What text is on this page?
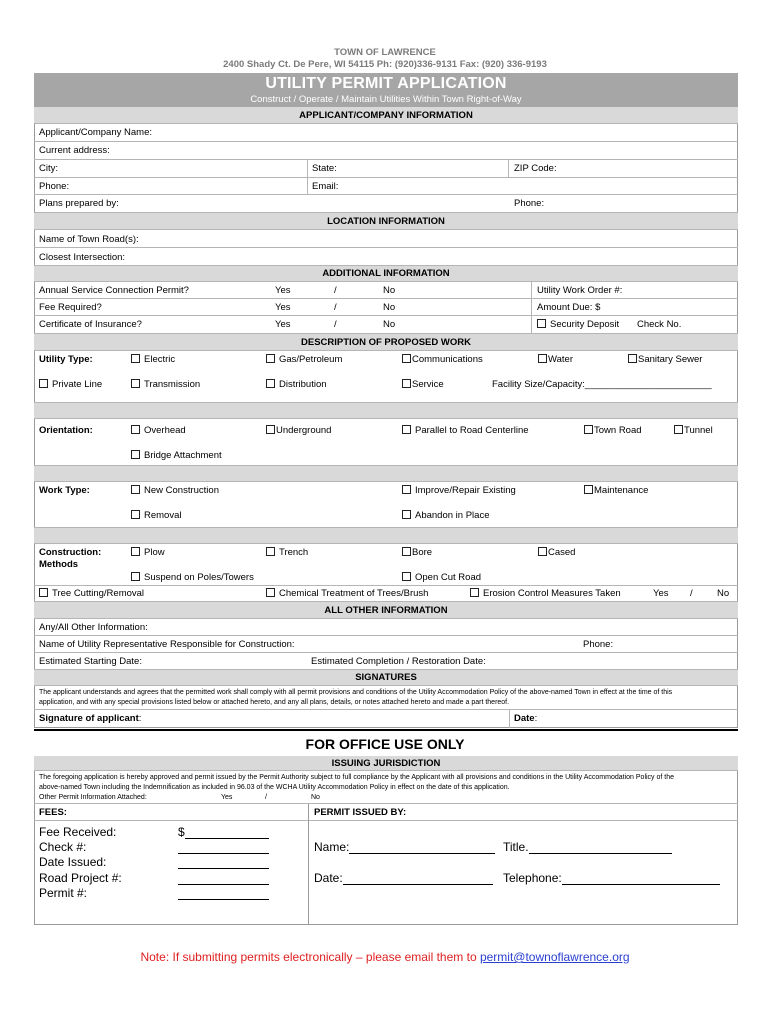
TOWN OF LAWRENCE
2400 Shady Ct. De Pere, WI 54115 Ph: (920)336-9131 Fax: (920) 336-9193
UTILITY PERMIT APPLICATION
Construct / Operate / Maintain Utilities Within Town Right-of-Way
APPLICANT/COMPANY INFORMATION
Applicant/Company Name:
Current address:
City:	State:	ZIP Code:
Phone:	Email:
Plans prepared by:	Phone:
LOCATION INFORMATION
Name of Town Road(s):
Closest Intersection:
ADDITIONAL INFORMATION
Annual Service Connection Permit?	Yes	/	No	Utility Work Order #:
Fee Required?	Yes	/	No	Amount Due: $
Certificate of Insurance?	Yes	/	No	Security Deposit Check No.
DESCRIPTION OF PROPOSED WORK
Utility Type:	Electric	Gas/Petroleum	Communications	Water	Sanitary Sewer
Private Line	Transmission	Distribution	Service	Facility Size/Capacity:________________________
Orientation:	Overhead	Underground	Parallel to Road Centerline	Town Road	Tunnel
Bridge Attachment
Work Type:	New Construction	Improve/Repair Existing	Maintenance
Removal	Abandon in Place
Construction:
Methods
Plow	Trench	Bore	Cased
Suspend on Poles/Towers	Open Cut Road
Tree Cutting/Removal	Chemical Treatment of Trees/Brush	Erosion Control Measures Taken	Yes /	No
ALL OTHER INFORMATION
Any/All Other Information:
Name of Utility Representative Responsible for Construction:	Phone:
Estimated Starting Date:	Estimated Completion / Restoration Date:
SIGNATURES
The applicant understands and agrees that the permitted work shall comply with all permit provisions and conditions of the Utility Accommodation Policy of the above-named Town in effect at the time of this
application, and with any special provisions listed below or attached hereto, and any all plans, details, or notes attached hereto and made a part thereof.
Signature of applicant:	Date:
FOR OFFICE USE ONLY
ISSUING JURISDICTION
The foregoing application is hereby approved and permit issued by the Permit Authority subject to full compliance by the Applicant with all provisions and conditions in the Utility Accommodation Policy of the
above-named Town including the Indemnification as included in 96.03 of the WCHA Utility Accommodation Policy in effect on the date of this application.
Other Permit Information Attached:	Yes	/	No
FEES:	PERMIT ISSUED BY:
Fee Received:	$
Check #:
Date Issued:
Road Project #:
Permit #:
Name:	Title.
Date:	Telephone:
Note: If submitting permits electronically – please email them to permit@townoflawrence.org
